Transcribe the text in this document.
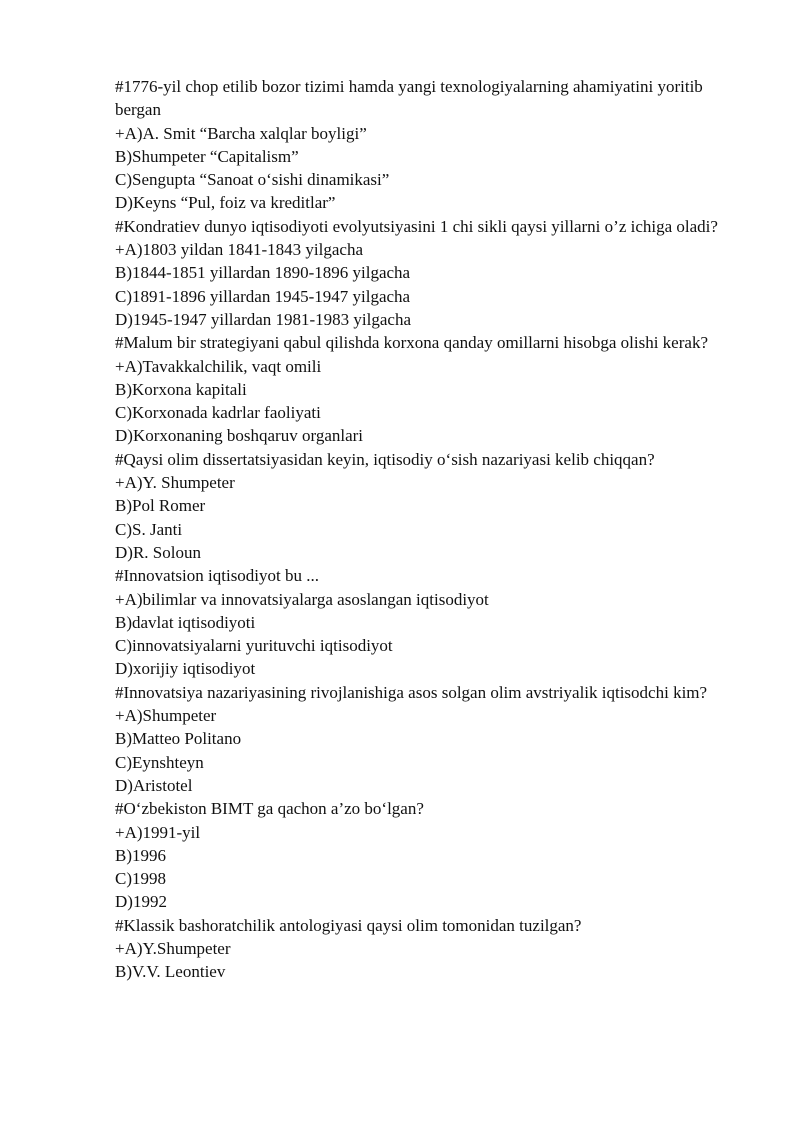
#1776-yil chop etilib bozor tizimi hamda yangi texnologiyalarning ahamiyatini yoritib bergan

+A)A. Smit “Barcha xalqlar boyligi”

B)Shumpeter “Capitalism”

C)Sengupta “Sanoat o‘sishi dinamikasi”

D)Keyns “Pul, foiz va kreditlar”

#Kondratiev dunyo iqtisodiyoti evolyutsiyasini 1 chi sikli qaysi yillarni o’z ichiga oladi?

+A)1803 yildan 1841-1843 yilgacha

B)1844-1851 yillardan 1890-1896 yilgacha

C)1891-1896 yillardan 1945-1947 yilgacha

D)1945-1947 yillardan 1981-1983 yilgacha

#Malum bir strategiyani qabul qilishda korxona qanday omillarni hisobga olishi kerak?

+A)Tavakkalchilik, vaqt omili

B)Korxona kapitali

C)Korxonada kadrlar faoliyati

D)Korxonaning boshqaruv organlari

#Qaysi olim dissertatsiyasidan keyin, iqtisodiy o‘sish nazariyasi kelib chiqqan?

+A)Y. Shumpeter

B)Pol Romer

C)S. Janti

D)R. Soloun

#Innovatsion iqtisodiyot bu ...

+A)bilimlar va innovatsiyalarga asoslangan iqtisodiyot

B)davlat iqtisodiyoti

C)innovatsiyalarni yurituvchi iqtisodiyot

D)xorijiy iqtisodiyot

#Innovatsiya nazariyasining rivojlanishiga asos solgan olim avstriyalik iqtisodchi kim?

+A)Shumpeter

B)Matteo Politano

C)Eynshteyn

D)Aristotel

#O‘zbekiston BIMT ga qachon a’zo bo‘lgan?

+A)1991-yil

B)1996

C)1998

D)1992

#Klassik bashoratchilik antologiyasi qaysi olim tomonidan tuzilgan?

+A)Y.Shumpeter

B)V.V. Leontiev
